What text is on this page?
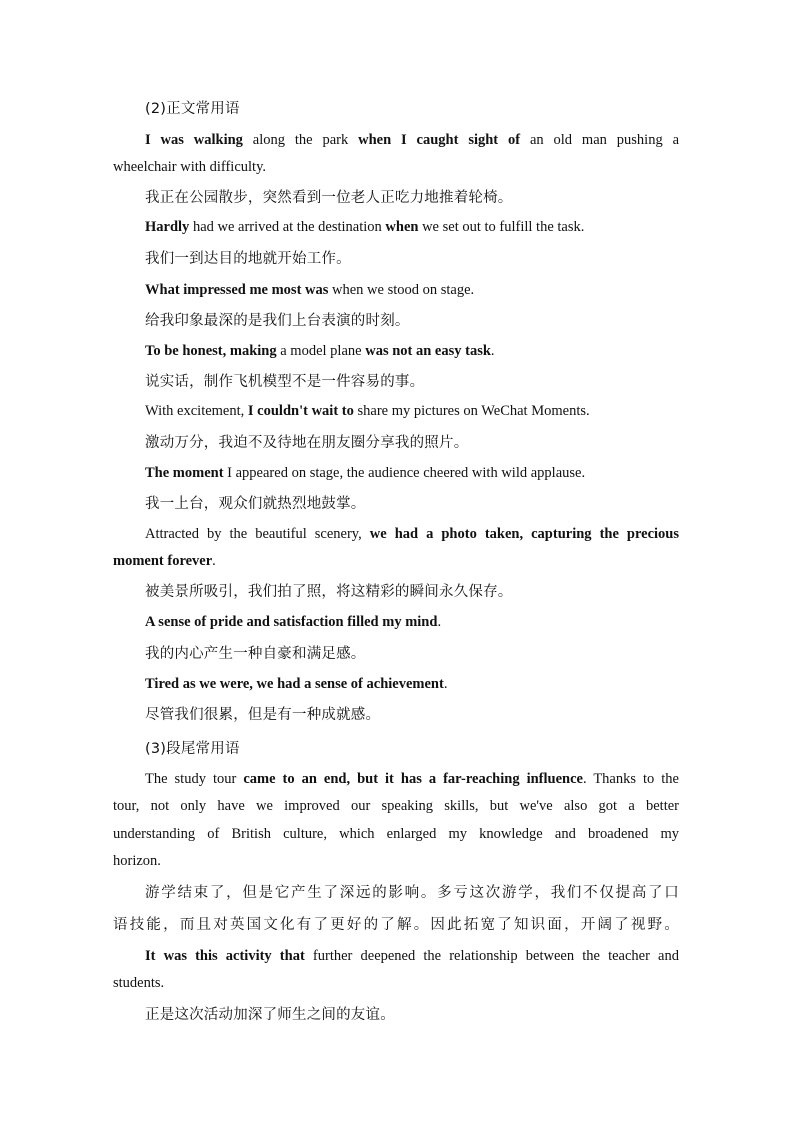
(2)正文常用语
I was walking along the park when I caught sight of an old man pushing a
wheelchair with difficulty.
我正在公园散步，突然看到一位老人正吃力地推着轮椅。
Hardly had we arrived at the destination when we set out to fulfill the task.
我们一到达目的地就开始工作。
What impressed me most was when we stood on stage.
给我印象最深的是我们上台表演的时刻。
To be honest, making a model plane was not an easy task.
说实话，制作飞机模型不是一件容易的事。
With excitement, I couldn't wait to share my pictures on WeChat Moments.
激动万分，我迫不及待地在朋友圈分享我的照片。
The moment I appeared on stage, the audience cheered with wild applause.
我一上台，观众们就热烈地鼓掌。
Attracted by the beautiful scenery, we had a photo taken, capturing the precious
moment forever.
被美景所吸引，我们拍了照，将这精彩的瞬间永久保存。
A sense of pride and satisfaction filled my mind.
我的内心产生一种自豪和满足感。
Tired as we were, we had a sense of achievement.
尽管我们很累，但是有一种成就感。
(3)段尾常用语
The study tour came to an end, but it has a far-reaching influence. Thanks to the
tour, not only have we improved our speaking skills, but we've also got a better
understanding of British culture, which enlarged my knowledge and broadened my
horizon.
游学结束了，但是它产生了深远的影响。多亏这次游学，我们不仅提高了口
语技能，而且对英国文化有了更好的了解。因此拓宽了知识面，开阔了视野。
It was this activity that further deepened the relationship between the teacher and
students.
正是这次活动加深了师生之间的友谊。
